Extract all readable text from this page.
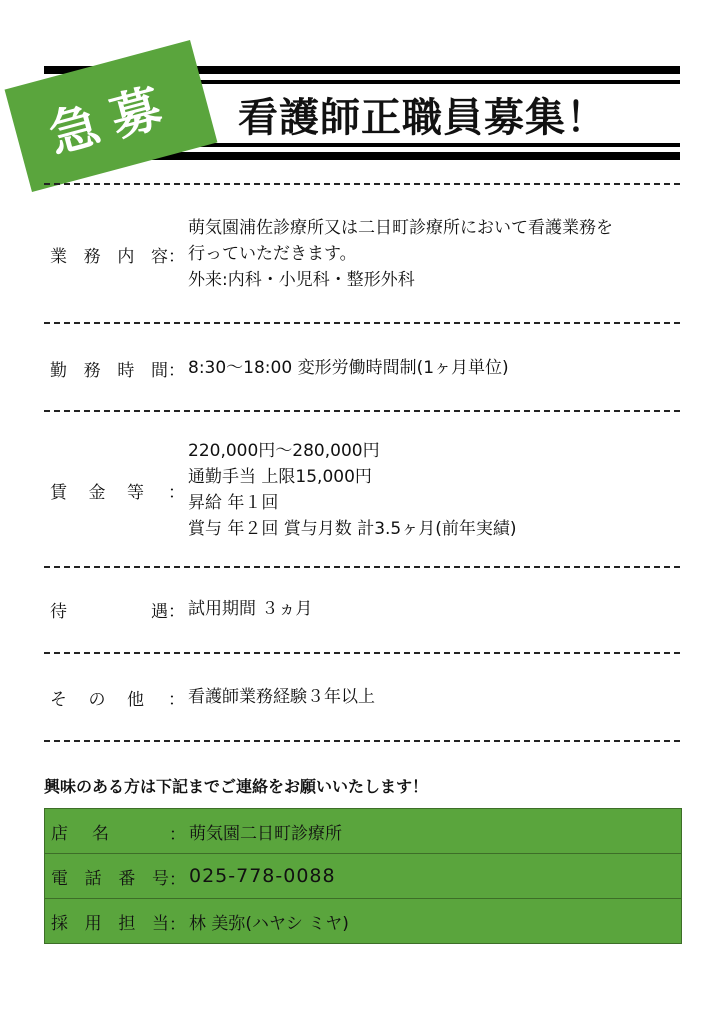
看護師正職員募集！
急募
業 務 内 容 ：
萌気園浦佐診療所又は二日町診療所において看護業務を
行っていただきます。
外来:内科・小児科・整形外科
勤 務 時 間 ： 8:30～18:00 変形労働時間制(1ヶ月単位)
賃 金 等 ：
220,000円～280,000円
通勤手当 上限15,000円
昇給 年１回
賞与 年２回 賞与月数 計3.5ヶ月(前年実績)
待	遇 ： 試用期間 ３ヵ月
そ の 他 ： 看護師業務経験３年以上
興味のある方は下記までご連絡をお願いいたします！
店 名	： 萌気園二日町診療所
電 話 番 号 ： 025-778-0088
採 用 担 当 ： 林 美弥(ハヤシ ミヤ)
